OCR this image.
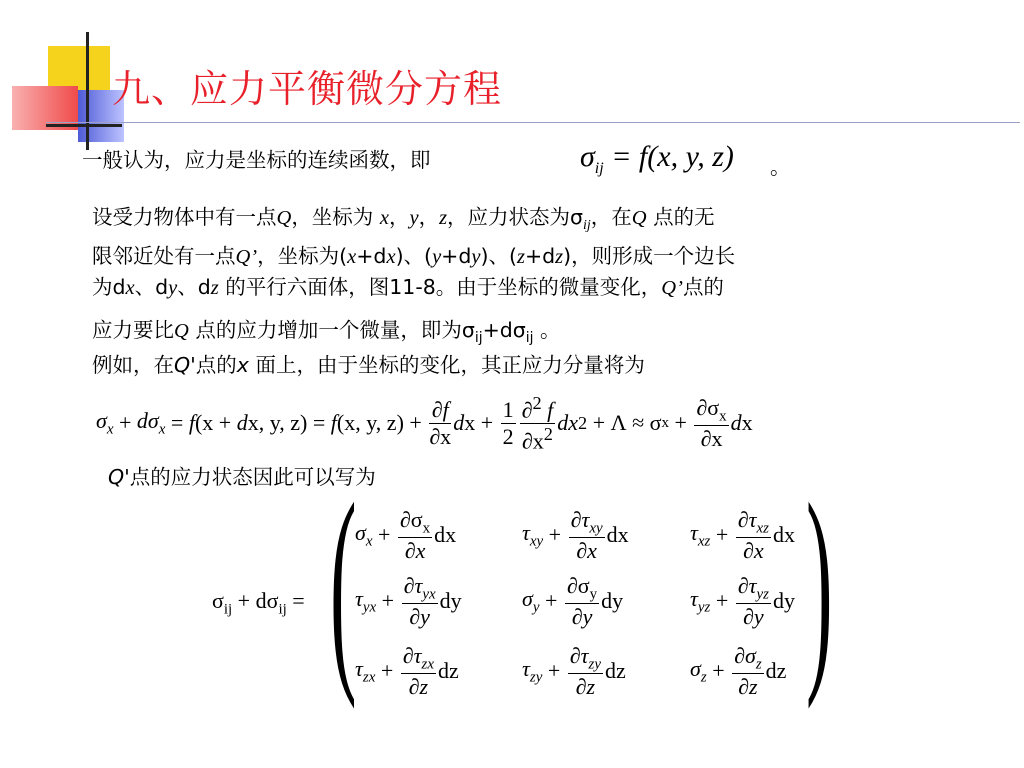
九、应力平衡微分方程
一般认为，应力是坐标的连续函数，即	$\sigma_{ij} = f(x$, y, z) 。
设受力物体中有一点Q，坐标为 x，y，z，应力状态为$\sigma_{ij}$，在Q 点的无
限邻近处有一点Q’，坐标为(x+dx)、(y+dy)、(z+dz)，则形成一个边长
为dx、dy、dz 的平行六面体，图11-8。由于坐标的微量变化，Q’点的
应力要比Q 点的应力增加一个微量，即为$\sigma_{ij}+d\sigma_{ij}$ 。
例如，在Q'点的x 面上，由于坐标的变化，其正应力分量将为
$\sigma_x + d\sigma_x = f$ (x + d x, y, z) = f (x, y, $z) + \frac{\partial f}{\partial x}$ d $x + \frac{1}{2} \frac{\partial^2 f}{\partial x^2}$ dx 2 + Λ ≈ σ $x + \frac{\partial\sigma_x}{\partial x}$ d x
Q'点的应力状态因此可以写为
$\sigma_{ij} + d\sigma_{ij}$ = ( )
$\sigma_x + \frac{\partial\sigma_x}{\partial x}$ dx	$\tau_{xy} + \frac{\partial\tau_{xy}}{\partial x}$ dx	$\tau_{xz} + \frac{\partial\tau_{xz}}{\partial x}$ dx
$\tau_{yx} + \frac{\partial\tau_{yx}}{\partial y}$ dy	$\sigma_y + \frac{\partial\sigma_y}{\partial y}$ dy	$\tau_{yz} + \frac{\partial\tau_{yz}}{\partial y}$ dy
$\tau_{zx} + \frac{\partial\tau_{zx}}{\partial z}$ dz	$\tau_{zy} + \frac{\partial\tau_{zy}}{\partial z}$ dz	$\sigma_z + \frac{\partial\sigma_z}{\partial z}$ dz
